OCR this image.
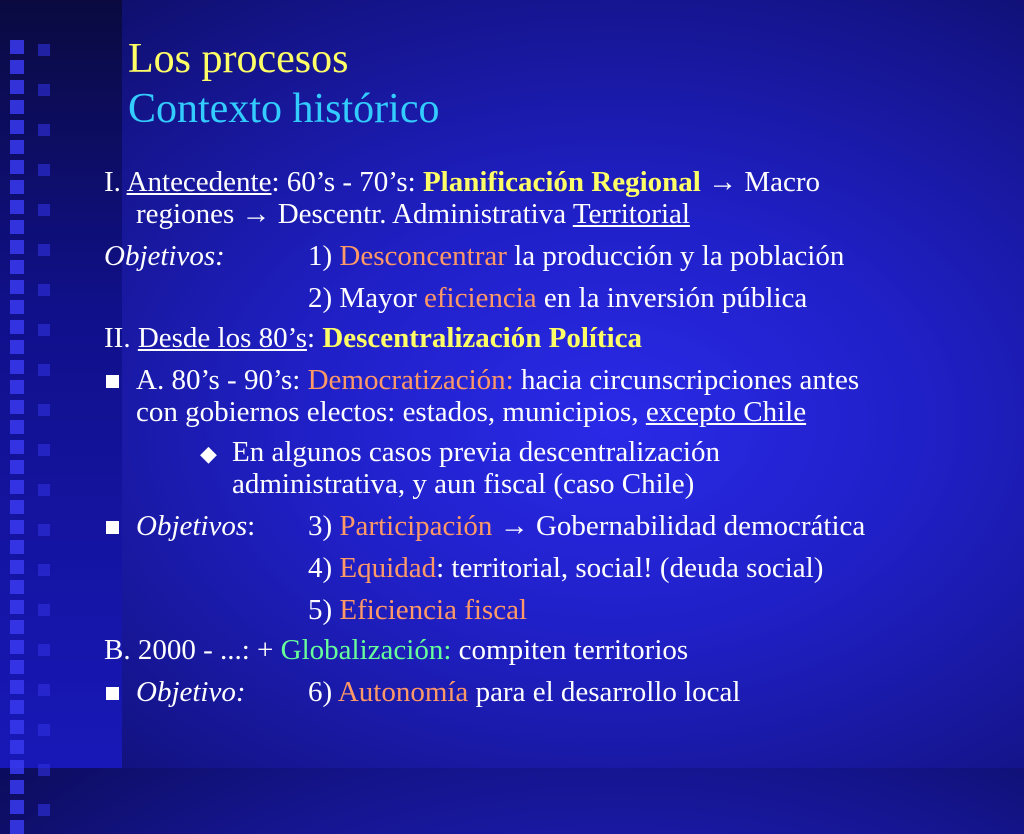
Los procesos
Contexto histórico
I. Antecedente: 60’s - 70’s: Planificación Regional → Macro
regiones → Descentr. Administrativa Territorial
Objetivos:	1) Desconcentrar la producción y la población
2) Mayor eficiencia en la inversión pública
II. Desde los 80’s: Descentralización Política
A. 80’s - 90’s: Democratización: hacia circunscripciones antes
con gobiernos electos: estados, municipios, excepto Chile
◆ En algunos casos previa descentralización
administrativa, y aun fiscal (caso Chile)
Objetivos: 3) Participación → Gobernabilidad democrática
4) Equidad: territorial, social! (deuda social)
5) Eficiencia fiscal
B. 2000 - ...: + Globalización: compiten territorios
Objetivo: 6) Autonomía para el desarrollo local
